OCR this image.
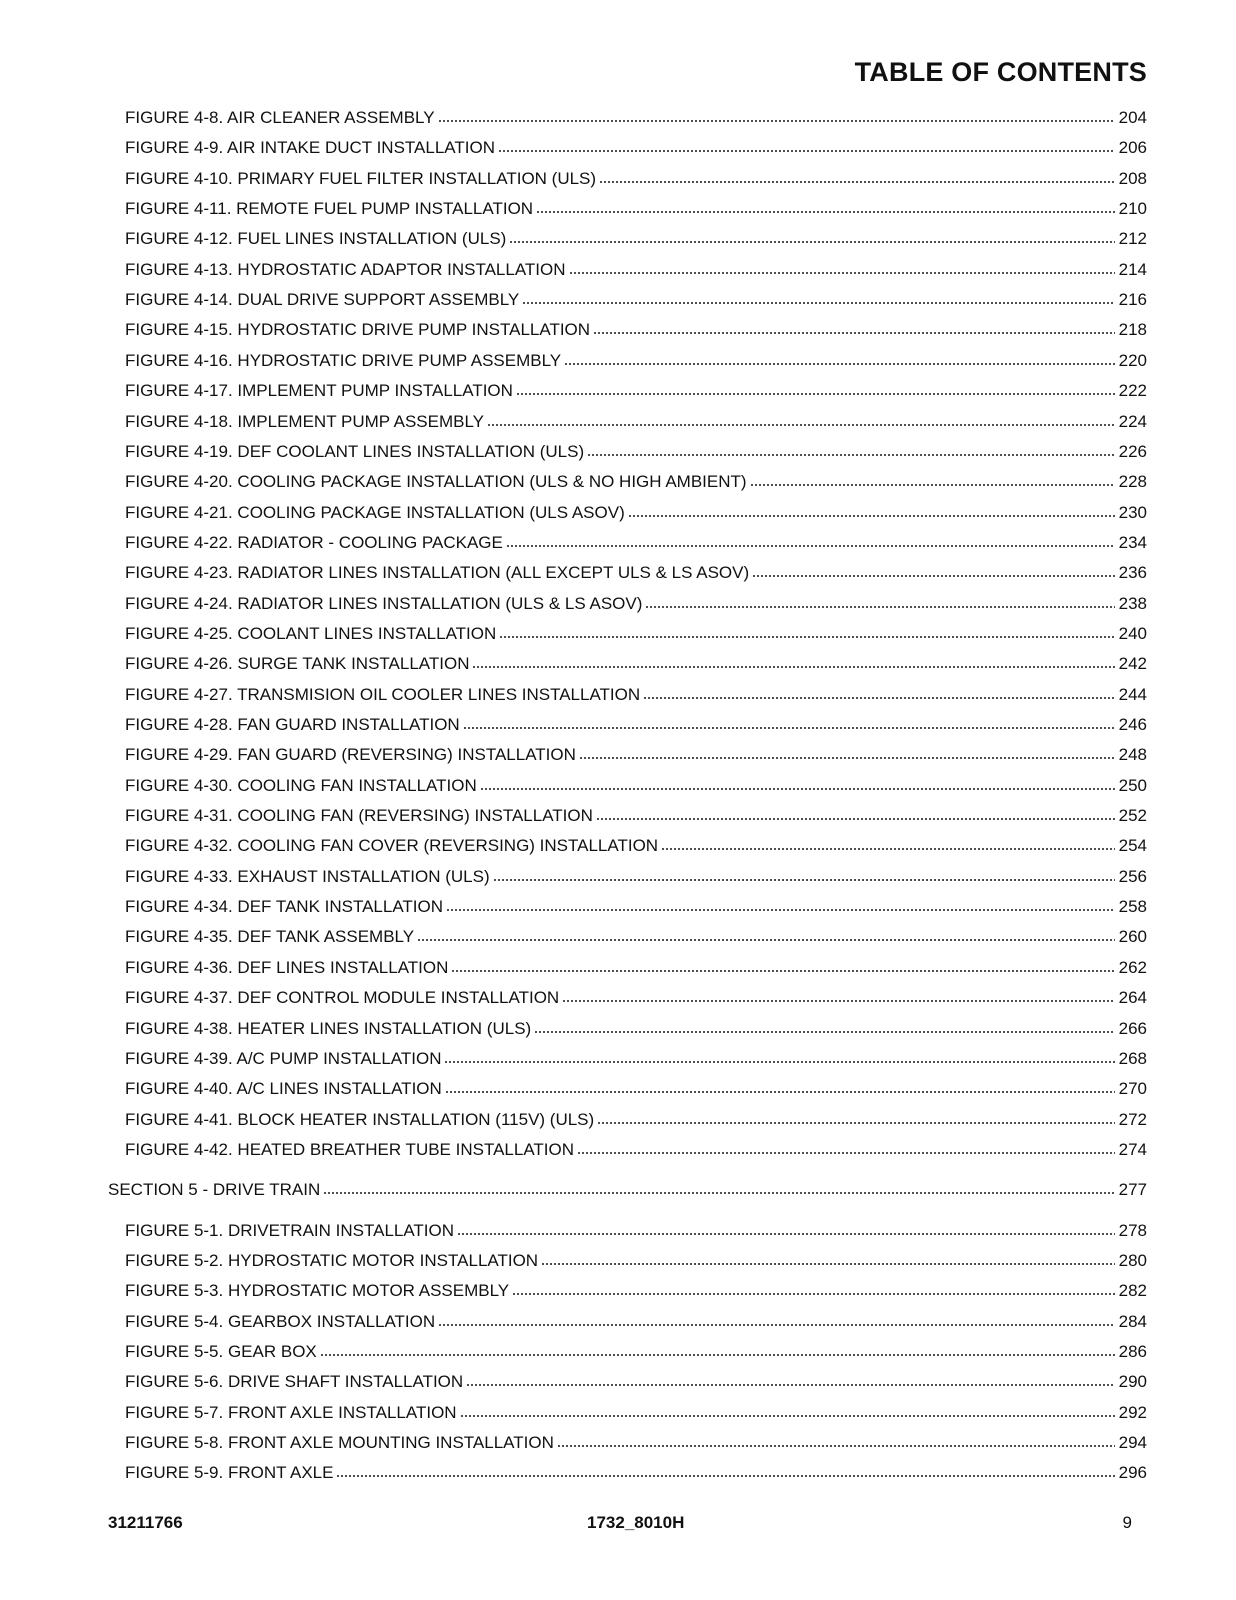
TABLE OF CONTENTS
FIGURE 4-8. AIR CLEANER ASSEMBLY	204
FIGURE 4-9. AIR INTAKE DUCT INSTALLATION	206
FIGURE 4-10. PRIMARY FUEL FILTER INSTALLATION (ULS)	208
FIGURE 4-11. REMOTE FUEL PUMP INSTALLATION	210
FIGURE 4-12. FUEL LINES INSTALLATION (ULS)	212
FIGURE 4-13. HYDROSTATIC ADAPTOR INSTALLATION	214
FIGURE 4-14. DUAL DRIVE SUPPORT ASSEMBLY	216
FIGURE 4-15. HYDROSTATIC DRIVE PUMP INSTALLATION	218
FIGURE 4-16. HYDROSTATIC DRIVE PUMP ASSEMBLY	220
FIGURE 4-17. IMPLEMENT PUMP INSTALLATION	222
FIGURE 4-18. IMPLEMENT PUMP ASSEMBLY	224
FIGURE 4-19. DEF COOLANT LINES INSTALLATION (ULS)	226
FIGURE 4-20. COOLING PACKAGE INSTALLATION (ULS & NO HIGH AMBIENT)	228
FIGURE 4-21. COOLING PACKAGE INSTALLATION (ULS ASOV)	230
FIGURE 4-22. RADIATOR - COOLING PACKAGE	234
FIGURE 4-23. RADIATOR LINES INSTALLATION (ALL EXCEPT ULS & LS ASOV)	236
FIGURE 4-24. RADIATOR LINES INSTALLATION (ULS & LS ASOV)	238
FIGURE 4-25. COOLANT LINES INSTALLATION	240
FIGURE 4-26. SURGE TANK INSTALLATION	242
FIGURE 4-27. TRANSMISION OIL COOLER LINES INSTALLATION	244
FIGURE 4-28. FAN GUARD INSTALLATION	246
FIGURE 4-29. FAN GUARD (REVERSING) INSTALLATION	248
FIGURE 4-30. COOLING FAN INSTALLATION	250
FIGURE 4-31. COOLING FAN (REVERSING) INSTALLATION	252
FIGURE 4-32. COOLING FAN COVER (REVERSING) INSTALLATION	254
FIGURE 4-33. EXHAUST INSTALLATION (ULS)	256
FIGURE 4-34. DEF TANK INSTALLATION	258
FIGURE 4-35. DEF TANK ASSEMBLY	260
FIGURE 4-36. DEF LINES INSTALLATION	262
FIGURE 4-37. DEF CONTROL MODULE INSTALLATION	264
FIGURE 4-38. HEATER LINES INSTALLATION (ULS)	266
FIGURE 4-39. A/C PUMP INSTALLATION	268
FIGURE 4-40. A/C LINES INSTALLATION	270
FIGURE 4-41. BLOCK HEATER INSTALLATION (115V) (ULS)	272
FIGURE 4-42. HEATED BREATHER TUBE INSTALLATION	274
SECTION 5 - DRIVE TRAIN	277
FIGURE 5-1. DRIVETRAIN INSTALLATION	278
FIGURE 5-2. HYDROSTATIC MOTOR INSTALLATION	280
FIGURE 5-3. HYDROSTATIC MOTOR ASSEMBLY	282
FIGURE 5-4. GEARBOX INSTALLATION	284
FIGURE 5-5. GEAR BOX	286
FIGURE 5-6. DRIVE SHAFT INSTALLATION	290
FIGURE 5-7. FRONT AXLE INSTALLATION	292
FIGURE 5-8. FRONT AXLE MOUNTING INSTALLATION	294
FIGURE 5-9. FRONT AXLE	296
31211766	1732_8010H	9
